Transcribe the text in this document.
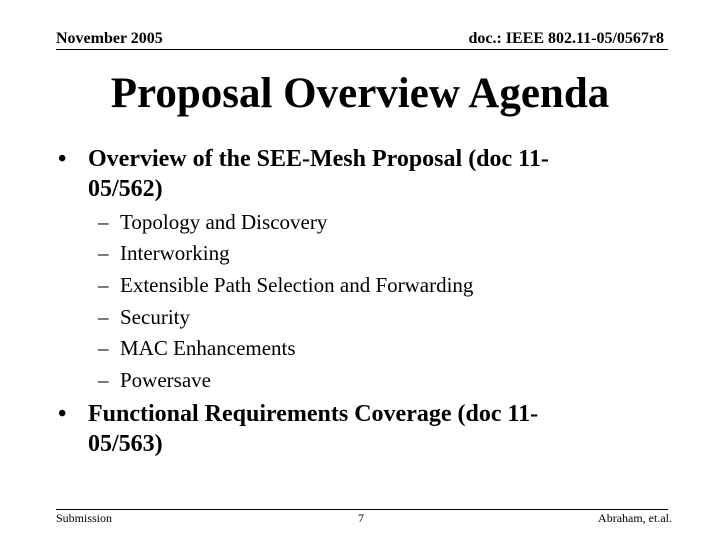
November 2005	doc.: IEEE 802.11-05/0567r8
Proposal Overview Agenda
• Overview of the SEE-Mesh Proposal (doc 11-
05/562)
– Topology and Discovery
– Interworking
– Extensible Path Selection and Forwarding
– Security
– MAC Enhancements
– Powersave
• Functional Requirements Coverage (doc 11-
05/563)
Submission	7	Abraham, et.al.
